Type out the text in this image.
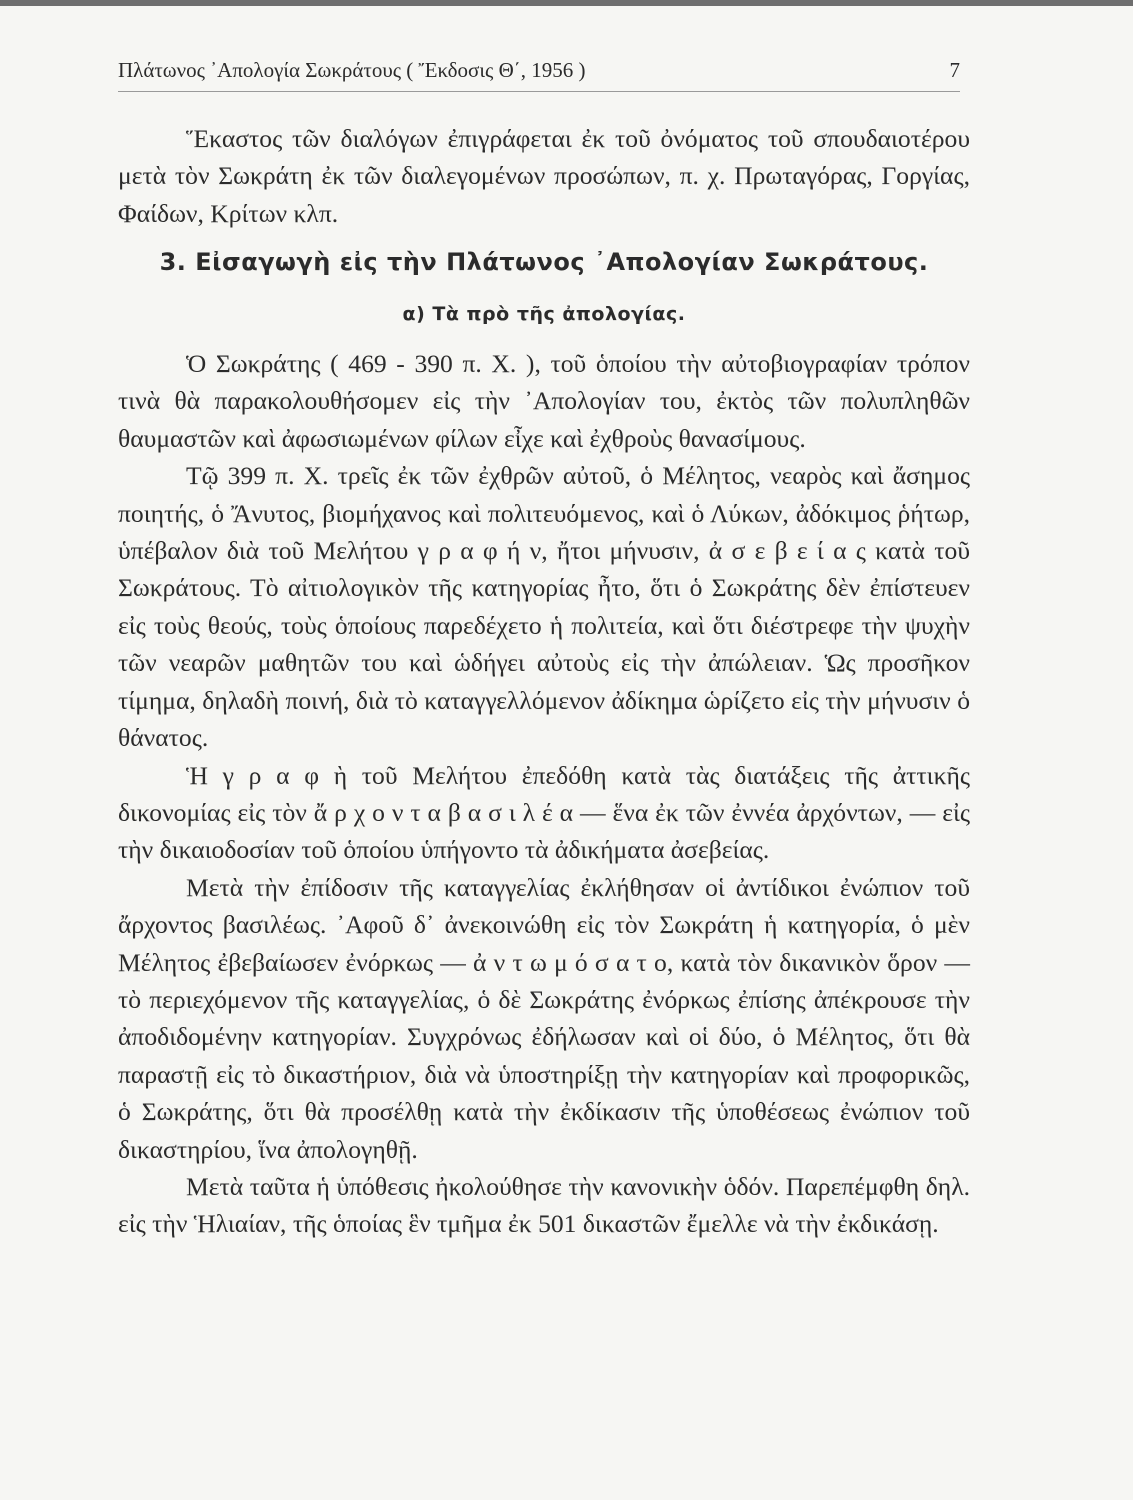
Πλάτωνος ᾿Απολογία Σωκράτους ( Ἔκδοσις Θ΄, 1956 )	7

Ἕκαστος τῶν διαλόγων ἐπιγράφεται ἐκ τοῦ ὀνόματος τοῦ σπουδαιοτέρου μετὰ τὸν Σωκράτη ἐκ τῶν διαλεγομένων προσώπων, π. χ. Πρωταγόρας, Γοργίας, Φαίδων, Κρίτων κλπ.

3. Εἰσαγωγὴ εἰς τὴν Πλάτωνος ᾿Απολογίαν Σωκράτους.
α) Τὰ πρὸ τῆς ἀπολογίας.

Ὁ Σωκράτης ( 469 - 390 π. Χ. ), τοῦ ὁποίου τὴν αὐτοβιογραφίαν τρόπον τινὰ θὰ παρακολουθήσομεν εἰς τὴν ᾿Απολογίαν του, ἐκτὸς τῶν πολυπληθῶν θαυμαστῶν καὶ ἀφωσιωμένων φίλων εἶχε καὶ ἐχθροὺς θανασίμους.

Τῷ 399 π. Χ. τρεῖς ἐκ τῶν ἐχθρῶν αὐτοῦ, ὁ Μέλητος, νεαρὸς καὶ ἄσημος ποιητής, ὁ Ἄνυτος, βιομήχανος καὶ πολιτευόμενος, καὶ ὁ Λύκων, ἀδόκιμος ῥήτωρ, ὑπέβαλον διὰ τοῦ Μελήτου γ ρ α φ ή ν, ἤτοι μήνυσιν, ἀ σ ε β ε ί α ς κατὰ τοῦ Σωκράτους. Τὸ αἰτιολογικὸν τῆς κατηγορίας ἦτο, ὅτι ὁ Σωκράτης δὲν ἐπίστευεν εἰς τοὺς θεούς, τοὺς ὁποίους παρεδέχετο ἡ πολιτεία, καὶ ὅτι διέστρεφε τὴν ψυχὴν τῶν νεαρῶν μαθητῶν του καὶ ὡδήγει αὐτοὺς εἰς τὴν ἀπώλειαν. Ὡς προσῆκον τίμημα, δηλαδὴ ποινή, διὰ τὸ καταγγελλόμενον ἀδίκημα ὡρίζετο εἰς τὴν μήνυσιν ὁ θάνατος.

Ἡ γ ρ α φ ὴ τοῦ Μελήτου ἐπεδόθη κατὰ τὰς διατάξεις τῆς ἀττικῆς δικονομίας εἰς τὸν ἄ ρ χ ο ν τ α β α σ ι λ έ α — ἕνα ἐκ τῶν ἐννέα ἀρχόντων, — εἰς τὴν δικαιοδοσίαν τοῦ ὁποίου ὑπήγοντο τὰ ἀδικήματα ἀσεβείας.

Μετὰ τὴν ἐπίδοσιν τῆς καταγγελίας ἐκλήθησαν οἱ ἀντίδικοι ἐνώπιον τοῦ ἄρχοντος βασιλέως. ᾿Αφοῦ δ᾿ ἀνεκοινώθη εἰς τὸν Σωκράτη ἡ κατηγορία, ὁ μὲν Μέλητος ἐβεβαίωσεν ἐνόρκως — ἀ ν τ ω μ ό σ α τ ο, κατὰ τὸν δικανικὸν ὅρον — τὸ περιεχόμενον τῆς καταγγελίας, ὁ δὲ Σωκράτης ἐνόρκως ἐπίσης ἀπέκρουσε τὴν ἀποδιδομένην κατηγορίαν. Συγχρόνως ἐδήλωσαν καὶ οἱ δύο, ὁ Μέλητος, ὅτι θὰ παραστῇ εἰς τὸ δικαστήριον, διὰ νὰ ὑποστηρίξῃ τὴν κατηγορίαν καὶ προφορικῶς, ὁ Σωκράτης, ὅτι θὰ προσέλθῃ κατὰ τὴν ἐκδίκασιν τῆς ὑποθέσεως ἐνώπιον τοῦ δικαστηρίου, ἵνα ἀπολογηθῇ.

Μετὰ ταῦτα ἡ ὑπόθεσις ἠκολούθησε τὴν κανονικὴν ὁδόν. Παρεπέμφθη δηλ. εἰς τὴν Ἡλιαίαν, τῆς ὁποίας ἓν τμῆμα ἐκ 501 δικαστῶν ἔμελλε νὰ τὴν ἐκδικάσῃ.
